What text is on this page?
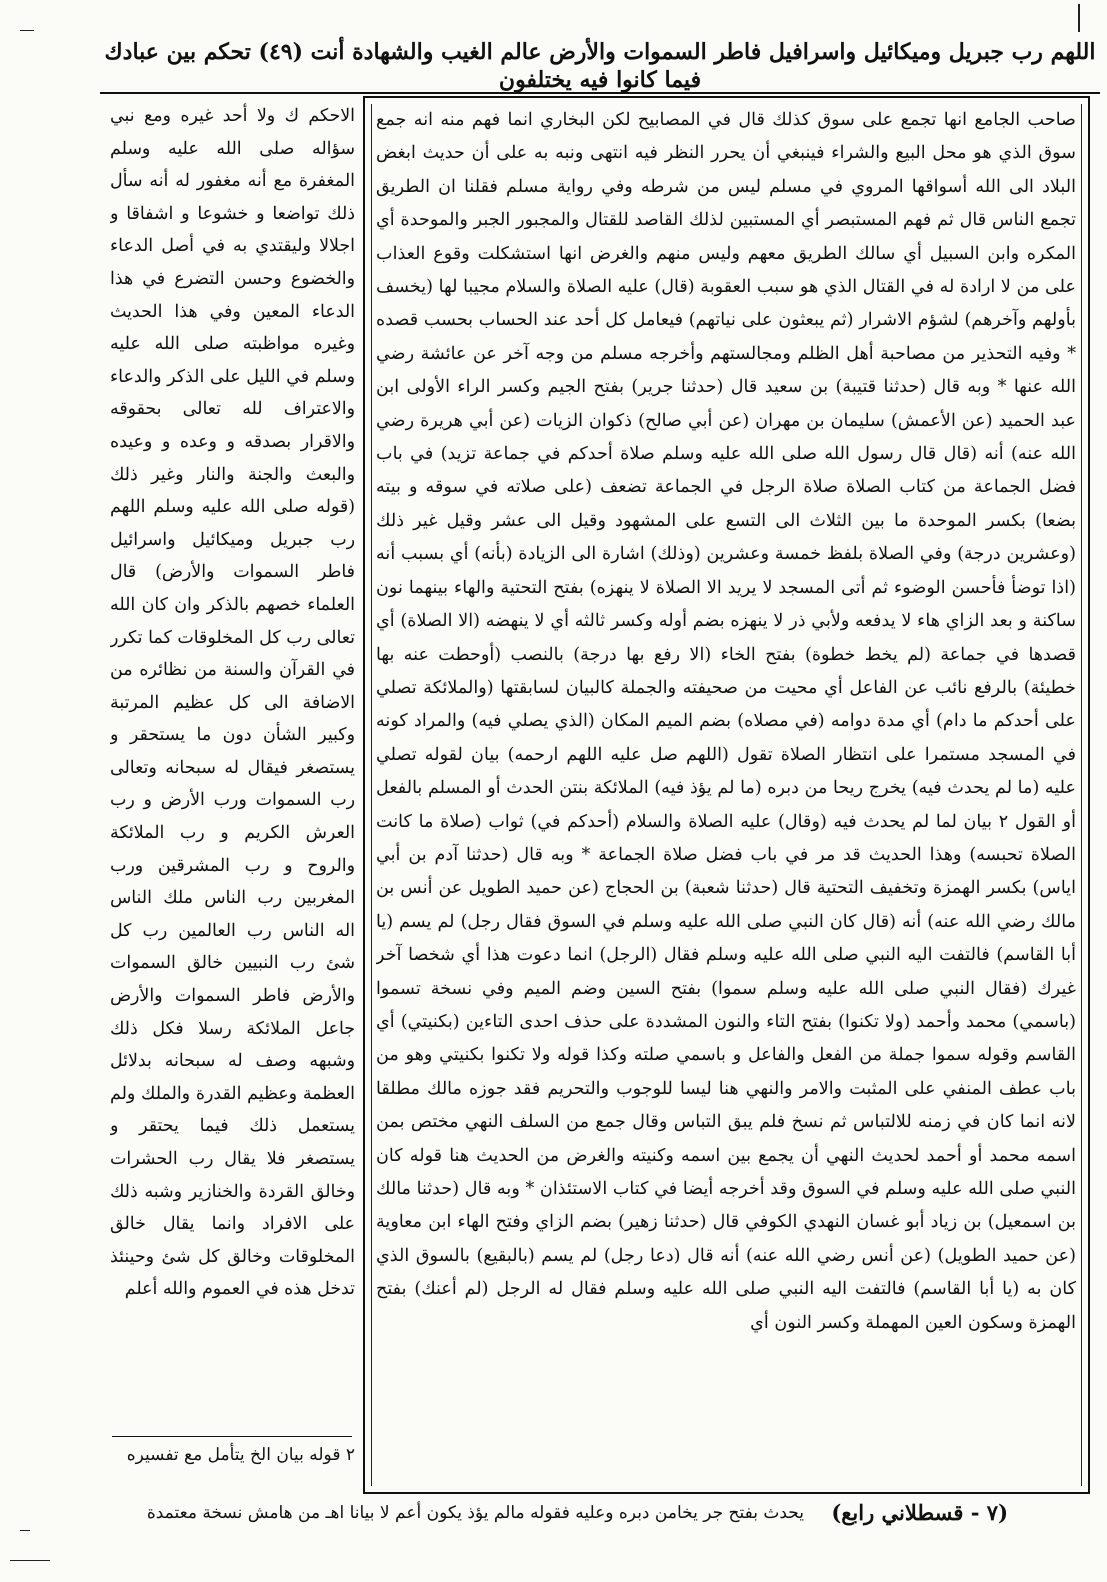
اللهم رب جبريل وميكائيل واسرافيل فاطر السموات والأرض عالم الغيب والشهادة أنت (٤٩) تحكم بين عبادك فيما كانوا فيه يختلفون

صاحب الجامع انها تجمع على سوق كذلك قال في المصابيح لكن البخاري انما فهم منه انه جمع سوق الذي هو محل البيع والشراء فينبغي أن يحرر النظر فيه انتهى ونبه به على أن حديث ابغض البلاد الى الله أسواقها المروي في مسلم ليس من شرطه وفي رواية مسلم فقلنا ان الطريق تجمع الناس قال ثم فهم المستبصر أي المستبين لذلك القاصد للقتال والمجبور الجبر والموحدة أي المكره وابن السبيل أي سالك الطريق معهم وليس منهم والغرض انها استشكلت وقوع العذاب على من لا ارادة له في القتال الذي هو سبب العقوبة (قال) عليه الصلاة والسلام مجيبا لها (يخسف بأولهم وآخرهم) لشؤم الاشرار (ثم يبعثون على نياتهم) فيعامل كل أحد عند الحساب بحسب قصده * وفيه التحذير من مصاحبة أهل الظلم ومجالستهم وأخرجه مسلم من وجه آخر عن عائشة رضي الله عنها * وبه قال (حدثنا قتيبة) بن سعيد قال (حدثنا جرير) بفتح الجيم وكسر الراء الأولى ابن عبد الحميد (عن الأعمش) سليمان بن مهران (عن أبي صالح) ذكوان الزيات (عن أبي هريرة رضي الله عنه) أنه (قال قال رسول الله صلى الله عليه وسلم صلاة أحدكم في جماعة تزيد) في باب فضل الجماعة من كتاب الصلاة صلاة الرجل في الجماعة تضعف (على صلاته في سوقه و بيته بضعا) بكسر الموحدة ما بين الثلاث الى التسع على المشهود وقيل الى عشر وقيل غير ذلك (وعشرين درجة) وفي الصلاة بلفظ خمسة وعشرين (وذلك) اشارة الى الزيادة (بأنه) أي بسبب أنه (اذا توضأ فأحسن الوضوء ثم أتى المسجد لا يريد الا الصلاة لا ينهزه) بفتح التحتية والهاء بينهما نون ساكنة و بعد الزاي هاء لا يدفعه ولأبي ذر لا ينهزه بضم أوله وكسر ثالثه أي لا ينهضه (الا الصلاة) أي قصدها في جماعة (لم يخط خطوة) بفتح الخاء (الا رفع بها درجة) بالنصب (أوحطت عنه بها خطيئة) بالرفع نائب عن الفاعل أي محيت من صحيفته والجملة كالبيان لسابقتها (والملائكة تصلي على أحدكم ما دام) أي مدة دوامه (في مصلاه) بضم الميم المكان (الذي يصلي فيه) والمراد كونه في المسجد مستمرا على انتظار الصلاة تقول (اللهم صل عليه اللهم ارحمه) بيان لقوله تصلي عليه (ما لم يحدث فيه) يخرج ريحا من دبره (ما لم يؤذ فيه) الملائكة بنتن الحدث أو المسلم بالفعل أو القول ٢ بيان لما لم يحدث فيه (وقال) عليه الصلاة والسلام (أحدكم في) ثواب (صلاة ما كانت الصلاة تحبسه) وهذا الحديث قد مر في باب فضل صلاة الجماعة * وبه قال (حدثنا آدم بن أبي اياس) بكسر الهمزة وتخفيف التحتية قال (حدثنا شعبة) بن الحجاج (عن حميد الطويل عن أنس بن مالك رضي الله عنه) أنه (قال كان النبي صلى الله عليه وسلم في السوق فقال رجل) لم يسم (يا أبا القاسم) فالتفت اليه النبي صلى الله عليه وسلم فقال (الرجل) انما دعوت هذا أي شخصا آخر غيرك (فقال النبي صلى الله عليه وسلم سموا) بفتح السين وضم الميم وفي نسخة تسموا (باسمي) محمد وأحمد (ولا تكنوا) بفتح التاء والنون المشددة على حذف احدى التاءين (بكنيتي) أي القاسم وقوله سموا جملة من الفعل والفاعل و باسمي صلته وكذا قوله ولا تكنوا بكنيتي وهو من باب عطف المنفي على المثبت والامر والنهي هنا ليسا للوجوب والتحريم فقد جوزه مالك مطلقا لانه انما كان في زمنه للالتباس ثم نسخ فلم يبق التباس وقال جمع من السلف النهي مختص بمن اسمه محمد أو أحمد لحديث النهي أن يجمع بين اسمه وكنيته والغرض من الحديث هنا قوله كان النبي صلى الله عليه وسلم في السوق وقد أخرجه أيضا في كتاب الاستئذان * وبه قال (حدثنا مالك بن اسمعيل) بن زياد أبو غسان النهدي الكوفي قال (حدثنا زهير) بضم الزاي وفتح الهاء ابن معاوية (عن حميد الطويل) (عن أنس رضي الله عنه) أنه قال (دعا رجل) لم يسم (بالبقيع) بالسوق الذي كان به (يا أبا القاسم) فالتفت اليه النبي صلى الله عليه وسلم فقال له الرجل (لم أعنك) بفتح الهمزة وسكون العين المهملة وكسر النون أي

الاحكم ك ولا أحد غيره ومع نبي سؤاله صلى الله عليه وسلم المغفرة مع أنه مغفور له أنه سأل ذلك تواضعا و خشوعا و اشفاقا و اجلالا وليقتدي به في أصل الدعاء والخضوع وحسن التضرع في هذا الدعاء المعين وفي هذا الحديث وغيره مواظبته صلى الله عليه وسلم في الليل على الذكر والدعاء والاعتراف لله تعالى بحقوقه والاقرار بصدقه و وعده و وعيده والبعث والجنة والنار وغير ذلك (قوله صلى الله عليه وسلم اللهم رب جبريل وميكائيل واسرائيل فاطر السموات والأرض) قال العلماء خصهم بالذكر وان كان الله تعالى رب كل المخلوقات كما تكرر في القرآن والسنة من نظائره من الاضافة الى كل عظيم المرتبة وكبير الشأن دون ما يستحقر و يستصغر فيقال له سبحانه وتعالى رب السموات ورب الأرض و رب العرش الكريم و رب الملائكة والروح و رب المشرقين ورب المغربين رب الناس ملك الناس اله الناس رب العالمين رب كل شئ رب النبيين خالق السموات والأرض فاطر السموات والأرض جاعل الملائكة رسلا فكل ذلك وشبهه وصف له سبحانه بدلائل العظمة وعظيم القدرة والملك ولم يستعمل ذلك فيما يحتقر و يستصغر فلا يقال رب الحشرات وخالق القردة والخنازير وشبه ذلك على الافراد وانما يقال خالق المخلوقات وخالق كل شئ وحينئذ تدخل هذه في العموم والله أعلم

٢ قوله بيان الخ يتأمل مع تفسيره
(٧ - قسطلاني رابع)
يحدث بفتح جر يخامن دبره وعليه فقوله مالم يؤذ يكون أعم لا بيانا اهـ من هامش نسخة معتمدة
